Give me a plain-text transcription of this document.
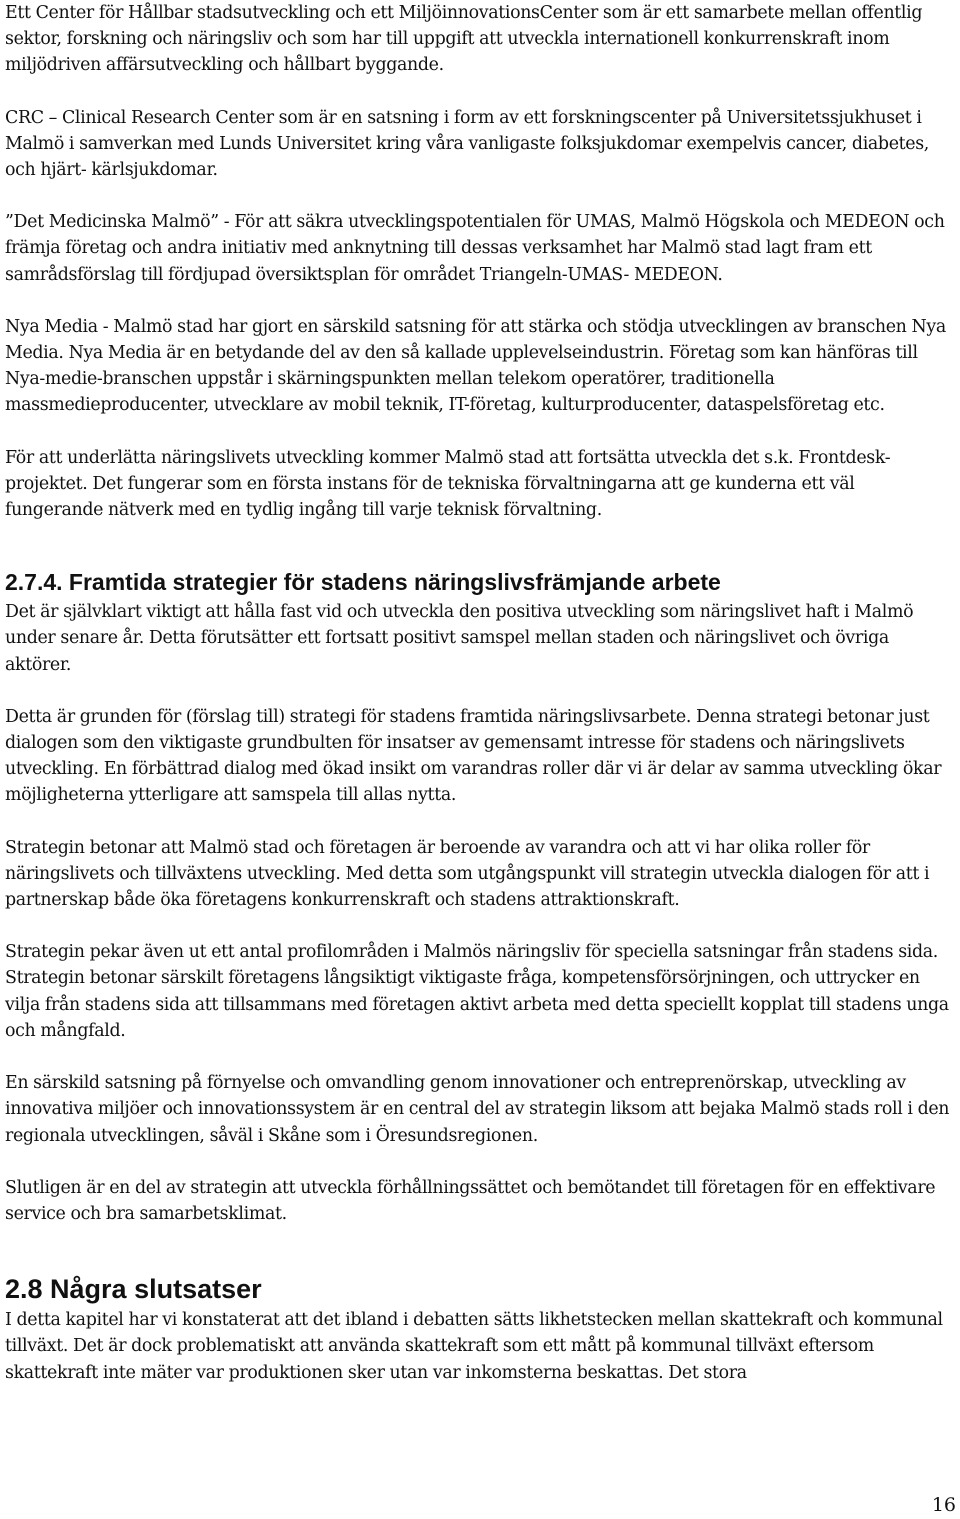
Ett Center för Hållbar stadsutveckling och ett MiljöinnovationsCenter som är ett samarbete mellan offentlig sektor, forskning och näringsliv och som har till uppgift att utveckla internationell konkurrenskraft inom miljödriven affärsutveckling och hållbart byggande.

CRC – Clinical Research Center som är en satsning i form av ett forskningscenter på Universitetssjukhuset i Malmö i samverkan med Lunds Universitet kring våra vanligaste folksjukdomar exempelvis cancer, diabetes, och hjärt- kärlsjukdomar.

”Det Medicinska Malmö” - För att säkra utvecklingspotentialen för UMAS, Malmö Högskola och MEDEON och främja företag och andra initiativ med anknytning till dessas verksamhet har Malmö stad lagt fram ett samrådsförslag till fördjupad översiktsplan för området Triangeln-UMAS- MEDEON.

Nya Media - Malmö stad har gjort en särskild satsning för att stärka och stödja utvecklingen av branschen Nya Media. Nya Media är en betydande del av den så kallade upplevelseindustrin. Företag som kan hänföras till Nya-medie-branschen uppstår i skärningspunkten mellan telekom operatörer, traditionella massmedieproducenter, utvecklare av mobil teknik, IT-företag, kulturproducenter, dataspelsföretag etc.

För att underlätta näringslivets utveckling kommer Malmö stad att fortsätta utveckla det s.k. Frontdesk-projektet. Det fungerar som en första instans för de tekniska förvaltningarna att ge kunderna ett väl fungerande nätverk med en tydlig ingång till varje teknisk förvaltning.

2.7.4. Framtida strategier för stadens näringslivsfrämjande arbete

Det är självklart viktigt att hålla fast vid och utveckla den positiva utveckling som näringslivet haft i Malmö under senare år. Detta förutsätter ett fortsatt positivt samspel mellan staden och näringslivet och övriga aktörer.

Detta är grunden för (förslag till) strategi för stadens framtida näringslivsarbete. Denna strategi betonar just dialogen som den viktigaste grundbulten för insatser av gemensamt intresse för stadens och näringslivets utveckling. En förbättrad dialog med ökad insikt om varandras roller där vi är delar av samma utveckling ökar möjligheterna ytterligare att samspela till allas nytta.

Strategin betonar att Malmö stad och företagen är beroende av varandra och att vi har olika roller för näringslivets och tillväxtens utveckling. Med detta som utgångspunkt vill strategin utveckla dialogen för att i partnerskap både öka företagens konkurrenskraft och stadens attraktionskraft.

Strategin pekar även ut ett antal profilområden i Malmös näringsliv för speciella satsningar från stadens sida. Strategin betonar särskilt företagens långsiktigt viktigaste fråga, kompetensförsörjningen, och uttrycker en vilja från stadens sida att tillsammans med företagen aktivt arbeta med detta speciellt kopplat till stadens unga och mångfald.

En särskild satsning på förnyelse och omvandling genom innovationer och entreprenörskap, utveckling av innovativa miljöer och innovationssystem är en central del av strategin liksom att bejaka Malmö stads roll i den regionala utvecklingen, såväl i Skåne som i Öresundsregionen.

Slutligen är en del av strategin att utveckla förhållningssättet och bemötandet till företagen för en effektivare service och bra samarbetsklimat.

2.8 Några slutsatser

I detta kapitel har vi konstaterat att det ibland i debatten sätts likhetstecken mellan skattekraft och kommunal tillväxt. Det är dock problematiskt att använda skattekraft som ett mått på kommunal tillväxt eftersom skattekraft inte mäter var produktionen sker utan var inkomsterna beskattas. Det stora

16
